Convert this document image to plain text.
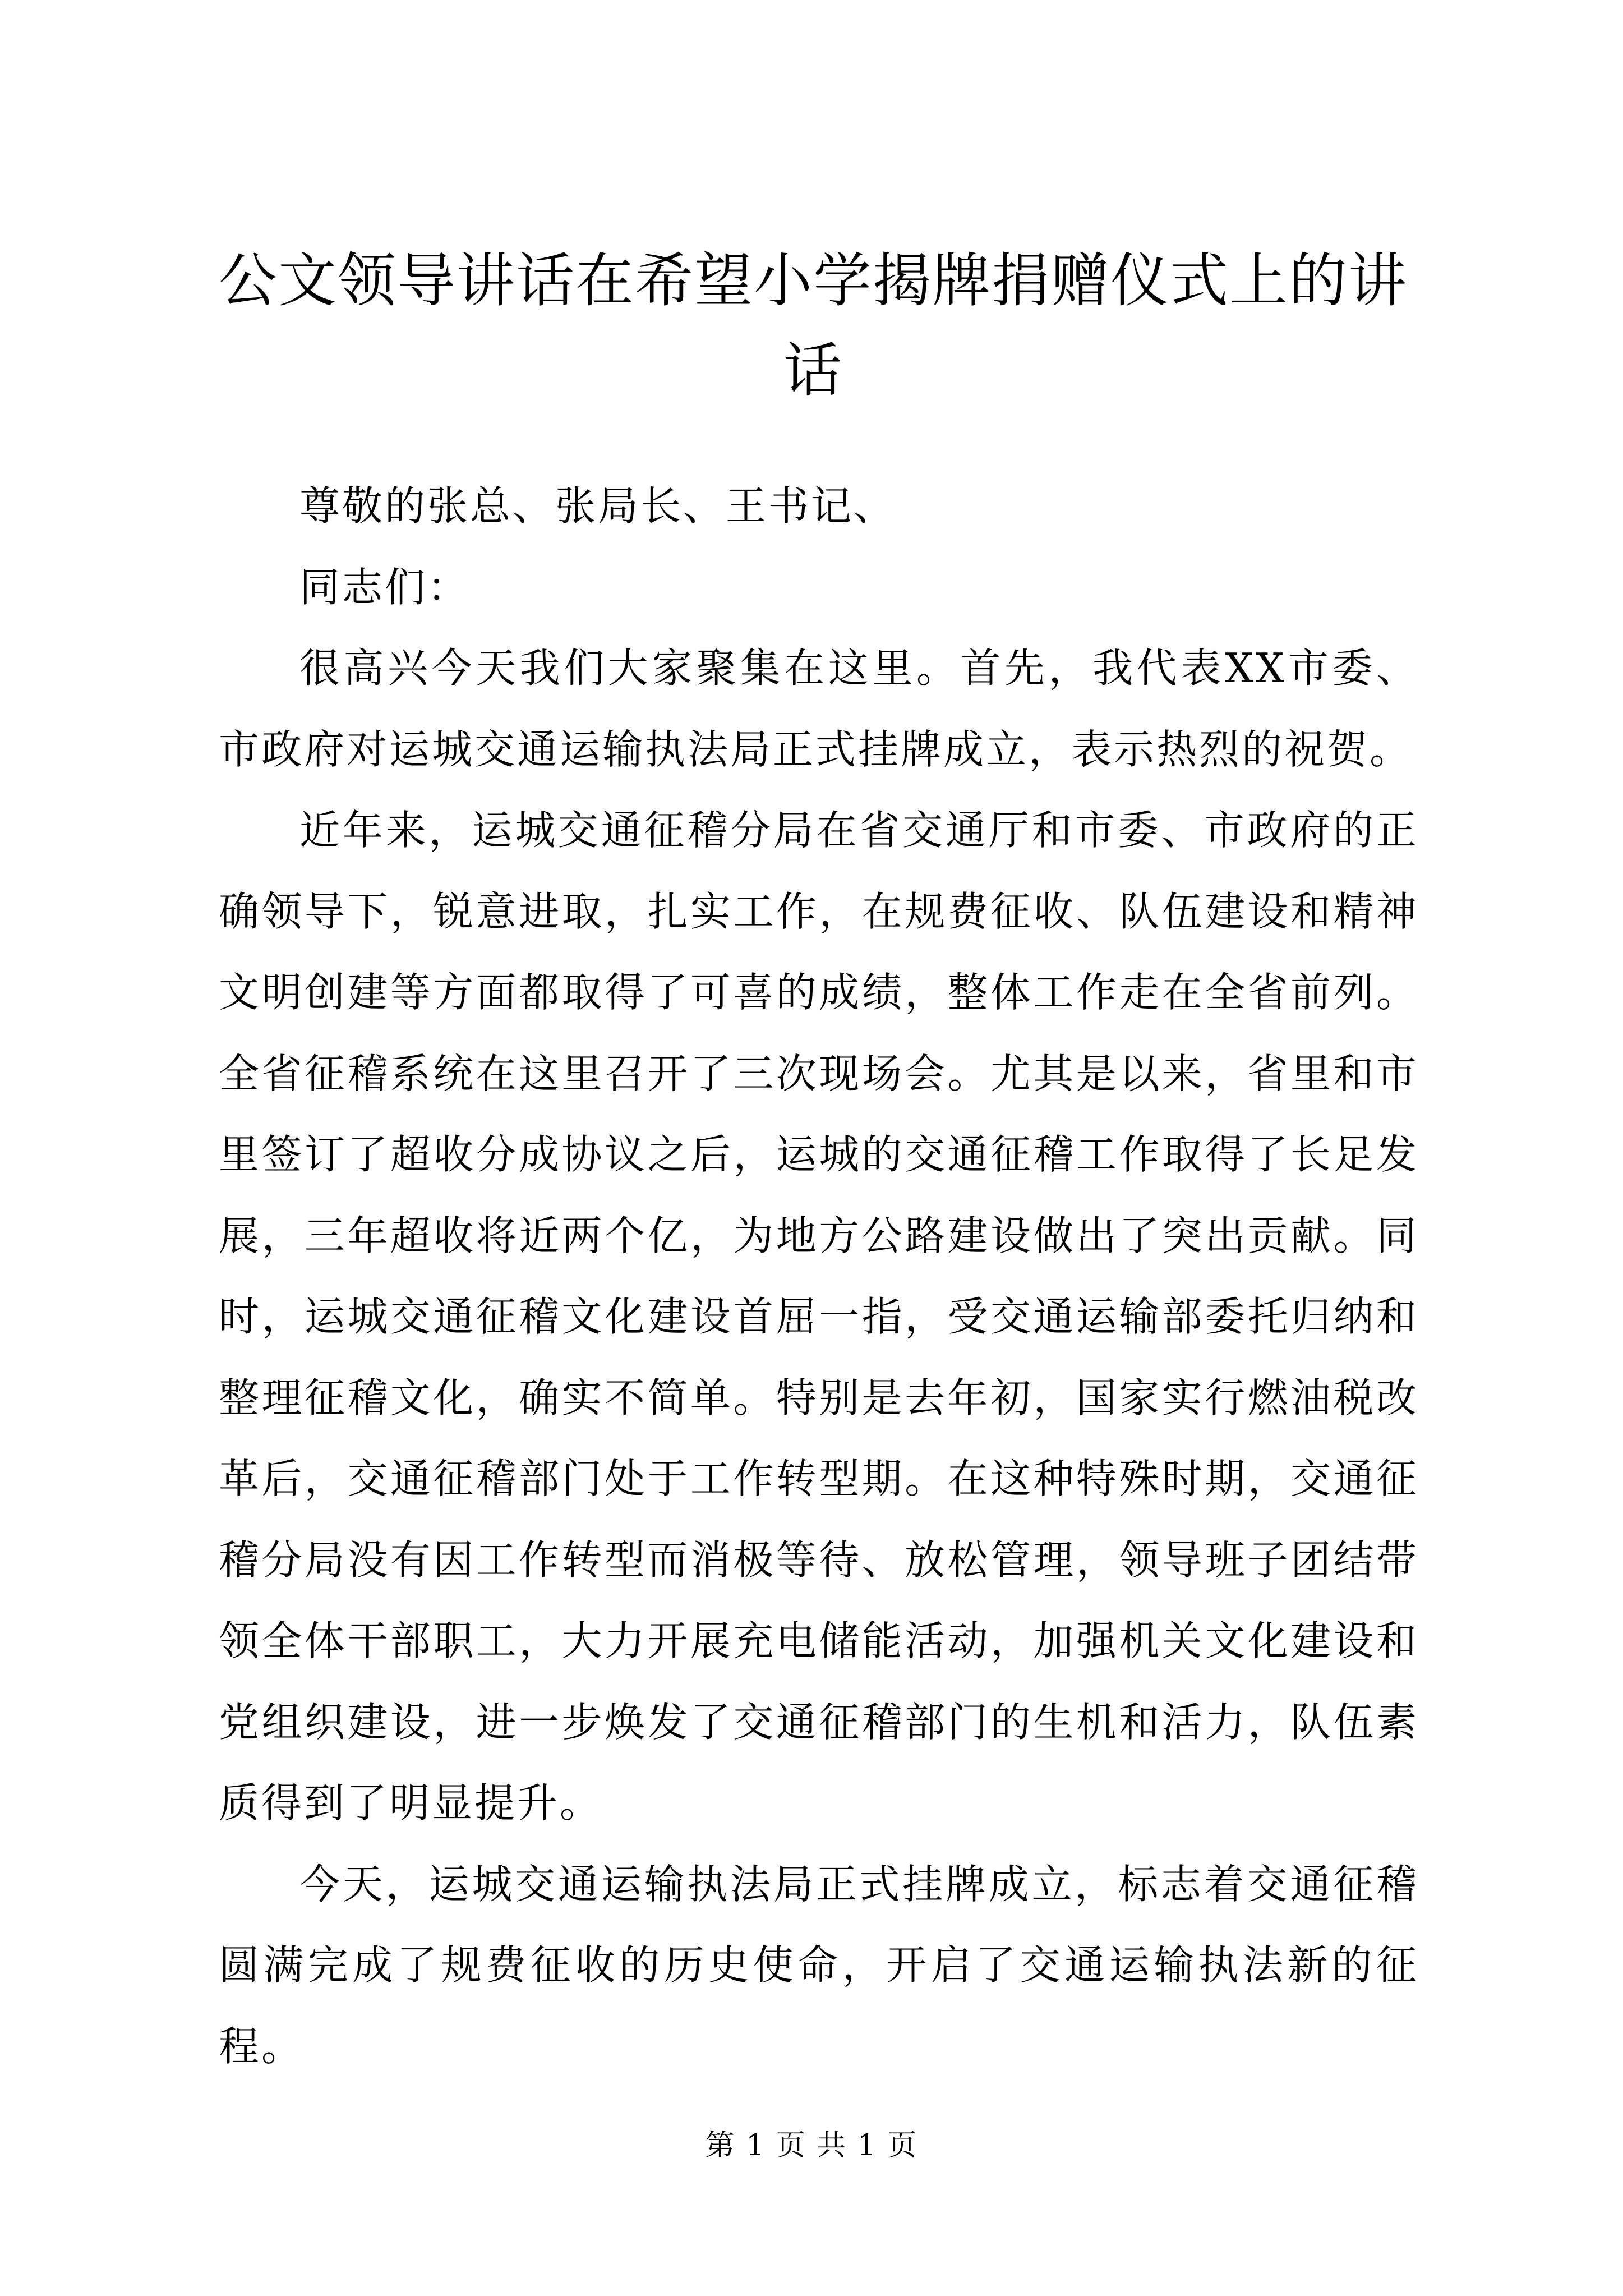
公文领导讲话在希望小学揭牌捐赠仪式上的讲话

尊敬的张总、张局长、王书记、

同志们：

很高兴今天我们大家聚集在这里。首先，我代表XX市委、市政府对运城交通运输执法局正式挂牌成立，表示热烈的祝贺。

近年来，运城交通征稽分局在省交通厅和市委、市政府的正确领导下，锐意进取，扎实工作，在规费征收、队伍建设和精神文明创建等方面都取得了可喜的成绩，整体工作走在全省前列。全省征稽系统在这里召开了三次现场会。尤其是以来，省里和市里签订了超收分成协议之后，运城的交通征稽工作取得了长足发展，三年超收将近两个亿，为地方公路建设做出了突出贡献。同时，运城交通征稽文化建设首屈一指，受交通运输部委托归纳和整理征稽文化，确实不简单。特别是去年初，国家实行燃油税改革后，交通征稽部门处于工作转型期。在这种特殊时期，交通征稽分局没有因工作转型而消极等待、放松管理，领导班子团结带领全体干部职工，大力开展充电储能活动，加强机关文化建设和党组织建设，进一步焕发了交通征稽部门的生机和活力，队伍素质得到了明显提升。

今天，运城交通运输执法局正式挂牌成立，标志着交通征稽圆满完成了规费征收的历史使命，开启了交通运输执法新的征程。

第 1 页 共 1 页
